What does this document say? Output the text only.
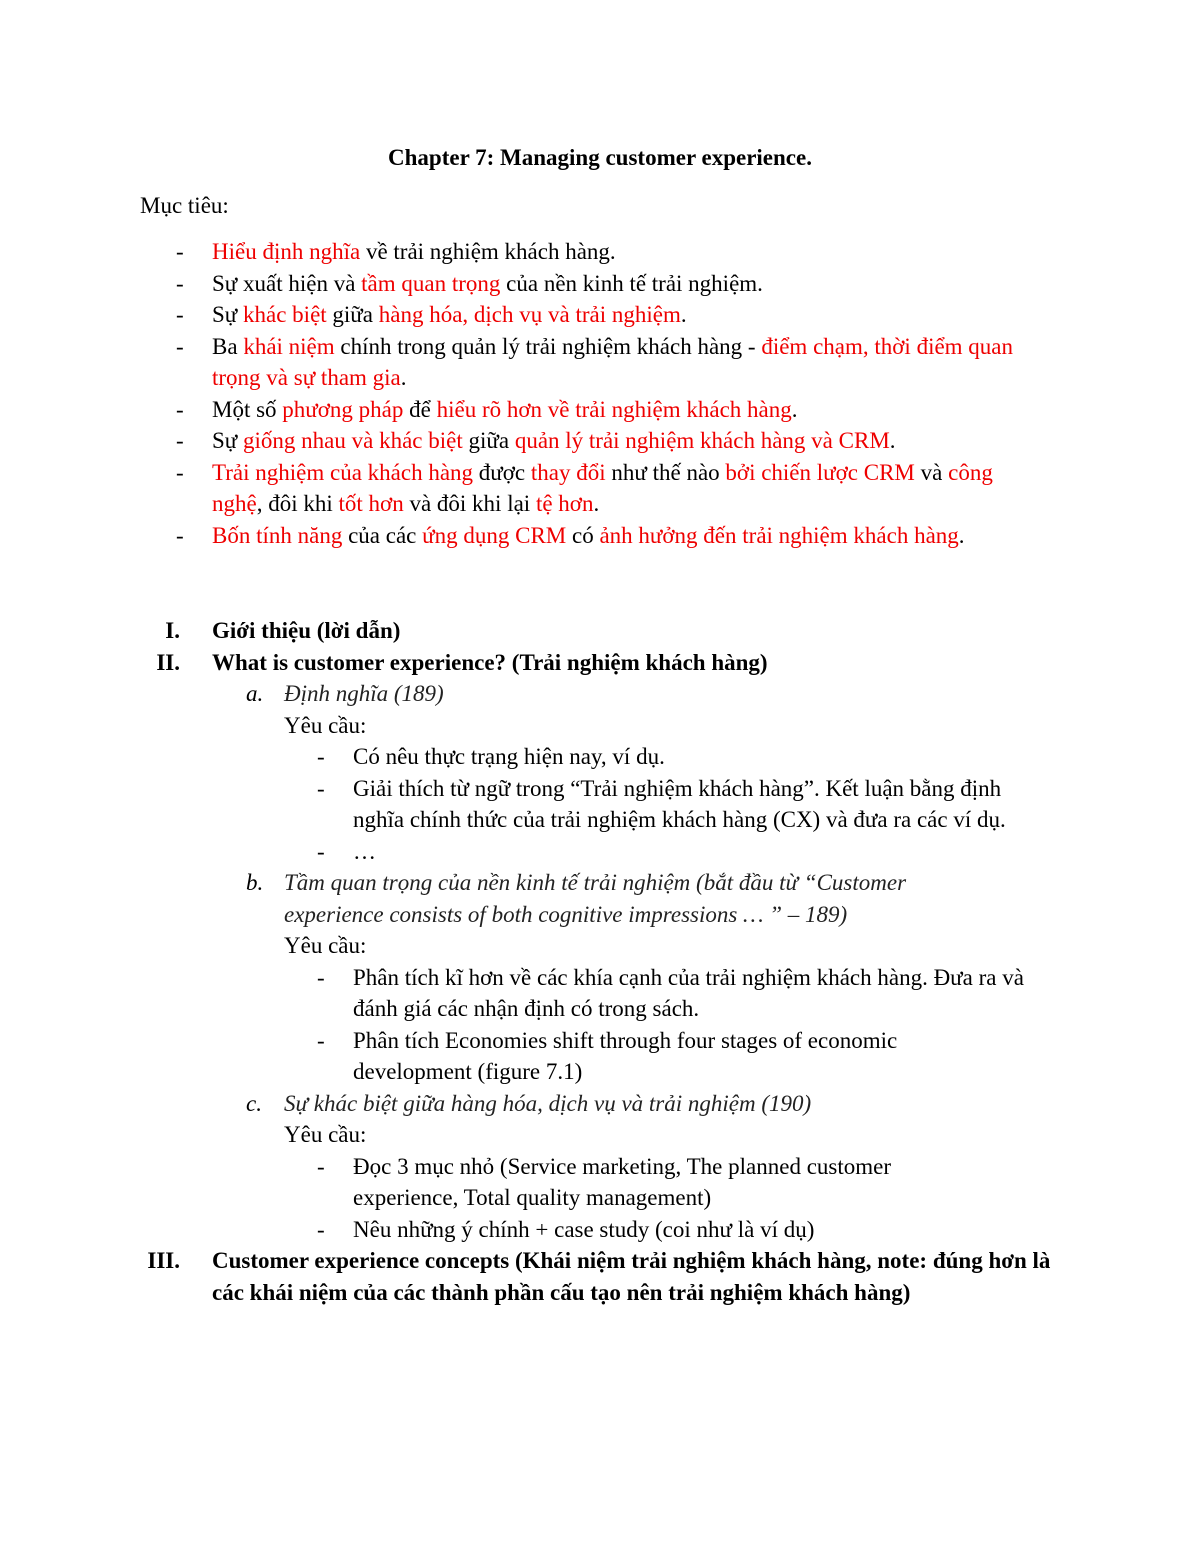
Chapter 7: Managing customer experience.
Mục tiêu:
- Hiểu định nghĩa về trải nghiệm khách hàng.
- Sự xuất hiện và tầm quan trọng của nền kinh tế trải nghiệm.
- Sự khác biệt giữa hàng hóa, dịch vụ và trải nghiệm.
- Ba khái niệm chính trong quản lý trải nghiệm khách hàng - điểm chạm, thời điểm quan trọng và sự tham gia.
- Một số phương pháp để hiểu rõ hơn về trải nghiệm khách hàng.
- Sự giống nhau và khác biệt giữa quản lý trải nghiệm khách hàng và CRM.
- Trải nghiệm của khách hàng được thay đổi như thế nào bởi chiến lược CRM và công nghệ, đôi khi tốt hơn và đôi khi lại tệ hơn.
- Bốn tính năng của các ứng dụng CRM có ảnh hưởng đến trải nghiệm khách hàng.
I. Giới thiệu (lời dẫn)
II. What is customer experience? (Trải nghiệm khách hàng)
a. Định nghĩa (189)
Yêu cầu:
- Có nêu thực trạng hiện nay, ví dụ.
- Giải thích từ ngữ trong “Trải nghiệm khách hàng”. Kết luận bằng định nghĩa chính thức của trải nghiệm khách hàng (CX) và đưa ra các ví dụ.
- …
b. Tầm quan trọng của nền kinh tế trải nghiệm (bắt đầu từ “Customer experience consists of both cognitive impressions … ” – 189)
Yêu cầu:
- Phân tích kĩ hơn về các khía cạnh của trải nghiệm khách hàng. Đưa ra và đánh giá các nhận định có trong sách.
- Phân tích Economies shift through four stages of economic development (figure 7.1)
c. Sự khác biệt giữa hàng hóa, dịch vụ và trải nghiệm (190)
Yêu cầu:
- Đọc 3 mục nhỏ (Service marketing, The planned customer experience, Total quality management)
- Nêu những ý chính + case study (coi như là ví dụ)
III. Customer experience concepts (Khái niệm trải nghiệm khách hàng, note: đúng hơn là các khái niệm của các thành phần cấu tạo nên trải nghiệm khách hàng)
